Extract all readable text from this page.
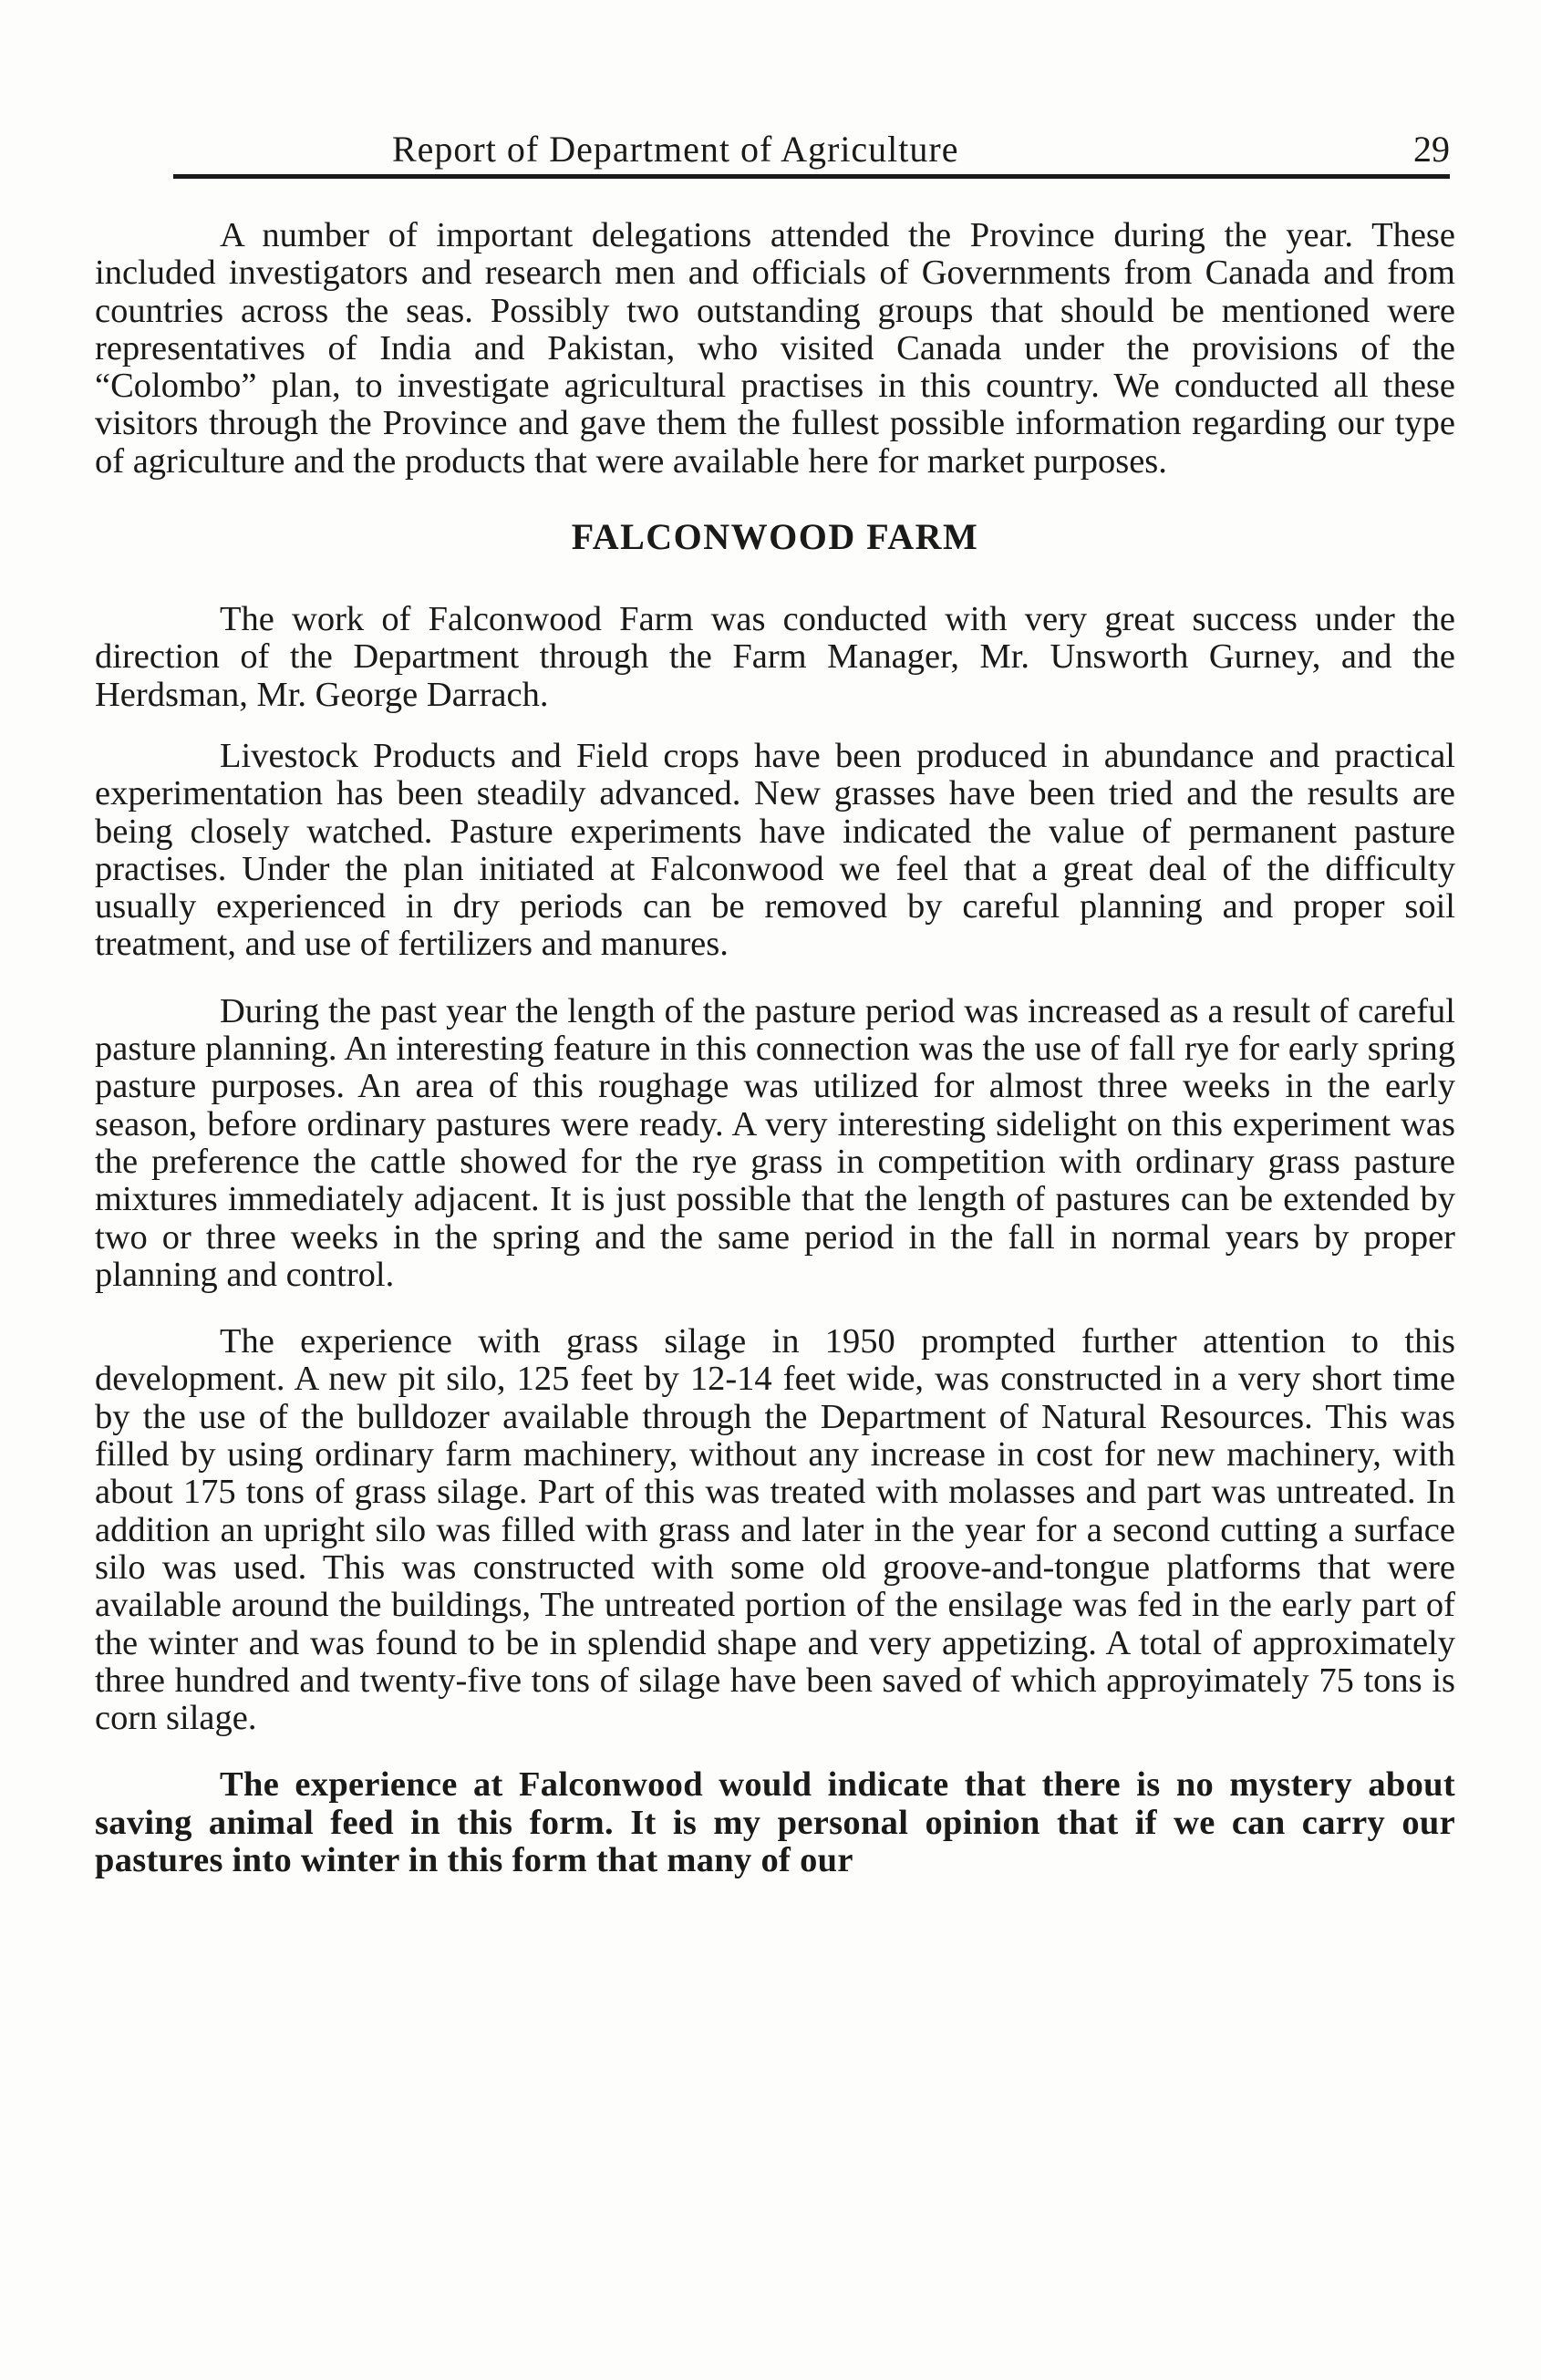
Report of Department of Agriculture	29

A number of important delegations attended the Province during the year. These included investigators and research men and officials of Governments from Canada and from countries across the seas. Possibly two outstanding groups that should be mentioned were representatives of India and Pakistan, who visited Canada under the provisions of the “Colombo” plan, to investigate agricultural practises in this country. We conducted all these visitors through the Province and gave them the fullest possible information regarding our type of agriculture and the products that were available here for market purposes.

FALCONWOOD FARM

The work of Falconwood Farm was conducted with very great success under the direction of the Department through the Farm Manager, Mr. Unsworth Gurney, and the Herdsman, Mr. George Darrach.

Livestock Products and Field crops have been produced in abundance and practical experimentation has been steadily advanced. New grasses have been tried and the results are being closely watched. Pasture experiments have indicated the value of permanent pasture practises. Under the plan initiated at Falconwood we feel that a great deal of the difficulty usually experienced in dry periods can be removed by careful planning and proper soil treatment, and use of fertilizers and manures.

During the past year the length of the pasture period was increased as a result of careful pasture planning. An interesting feature in this connection was the use of fall rye for early spring pasture purposes. An area of this roughage was utilized for almost three weeks in the early season, before ordinary pastures were ready. A very interesting sidelight on this experiment was the preference the cattle showed for the rye grass in competition with ordinary grass pasture mixtures immediately adjacent. It is just possible that the length of pastures can be extended by two or three weeks in the spring and the same period in the fall in normal years by proper planning and control.

The experience with grass silage in 1950 prompted further attention to this development. A new pit silo, 125 feet by 12-14 feet wide, was constructed in a very short time by the use of the bulldozer available through the Department of Natural Resources. This was filled by using ordinary farm machinery, without any increase in cost for new machinery, with about 175 tons of grass silage. Part of this was treated with molasses and part was untreated. In addition an upright silo was filled with grass and later in the year for a second cutting a surface silo was used. This was constructed with some old groove-and-tongue platforms that were available around the buildings, The untreated portion of the ensilage was fed in the early part of the winter and was found to be in splendid shape and very appetizing. A total of approximately three hundred and twenty-five tons of silage have been saved of which approyimately 75 tons is corn silage.

The experience at Falconwood would indicate that there is no mystery about saving animal feed in this form. It is my personal opinion that if we can carry our pastures into winter in this form that many of our
